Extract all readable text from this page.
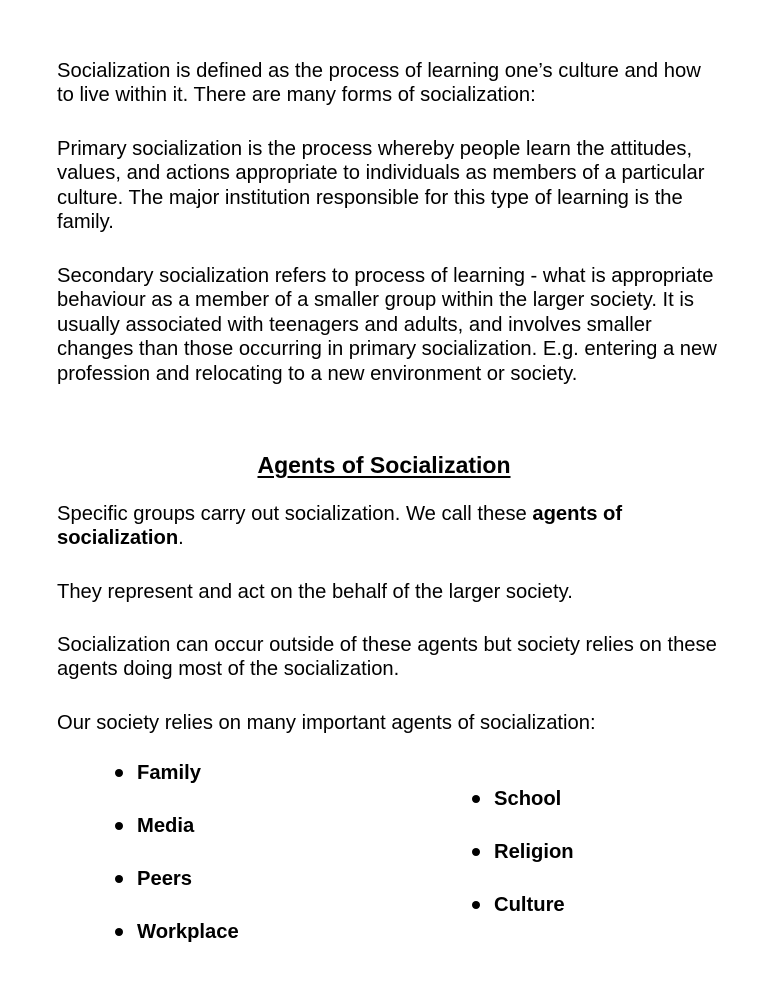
Socialization is defined as the process of learning one’s culture and how to live within it. There are many forms of socialization:

Primary socialization is the process whereby people learn the attitudes, values, and actions appropriate to individuals as members of a particular culture. The major institution responsible for this type of learning is the family.

Secondary socialization refers to process of learning - what is appropriate behaviour as a member of a smaller group within the larger society. It is usually associated with teenagers and adults, and involves smaller changes than those occurring in primary socialization. E.g. entering a new profession and relocating to a new environment or society.

Agents of Socialization

Specific groups carry out socialization. We call these agents of socialization.

They represent and act on the behalf of the larger society.

Socialization can occur outside of these agents but society relies on these agents doing most of the socialization.

Our society relies on many important agents of socialization:

Family
School
Media
Religion
Peers
Culture
Workplace
